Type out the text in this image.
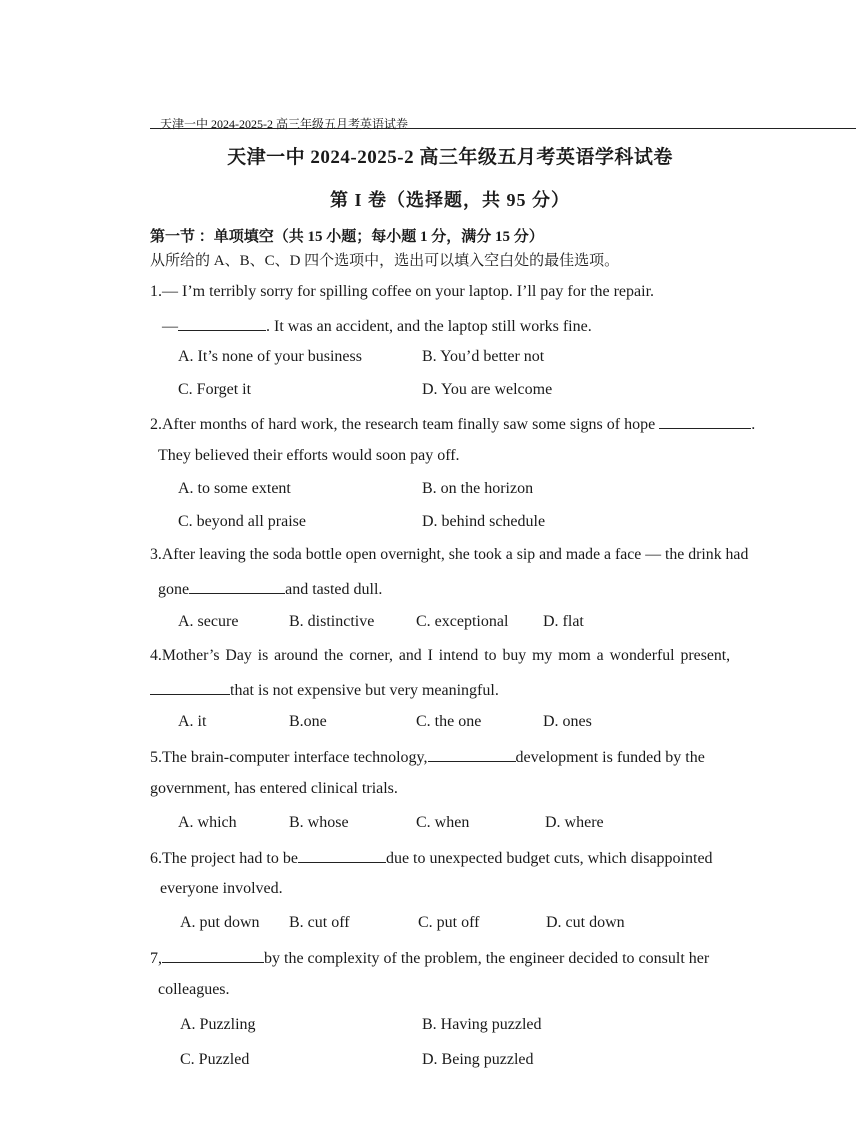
天津一中 2024-2025-2 高三年级五月考英语试卷
天津一中 2024-2025-2 高三年级五月考英语学科试卷
第 I 卷（选择题，共 95 分）
第一节 ：单项填空（共 15 小题；每小题 1 分，满分 15 分）
从所给的 A、B、C、D 四个选项中，选出可以填入空白处的最佳选项。
1.— I’m terribly sorry for spilling coffee on your laptop. I’ll pay for the repair.
—	. It was an accident, and the laptop still works fine.
A. It’s none of your business	B. You’d better not
C. Forget it	D. You are welcome
2.After months of hard work, the research team finally saw some signs of hope	.
They believed their efforts would soon pay off.
A. to some extent	B. on the horizon
C. beyond all praise	D. behind schedule
3.After leaving the soda bottle open overnight, she took a sip and made a face — the drink had
gone	and tasted dull.
A. secure	B. distinctive	C. exceptional D. flat
4.Mother’s Day is around the corner, and I intend to buy my mom a wonderful present,
that is not expensive but very meaningful.
A. it	B.one	C. the one	D. ones
5.The brain-computer interface technology,	development is funded by the
government, has entered clinical trials.
A. which	B. whose	C. when	D. where
6.The project had to be	due to unexpected budget cuts, which disappointed
everyone involved.
A. put down B. cut off	C. put off	D. cut down
7,	by the complexity of the problem, the engineer decided to consult her
colleagues.
A. Puzzling	B. Having puzzled
C. Puzzled	D. Being puzzled
